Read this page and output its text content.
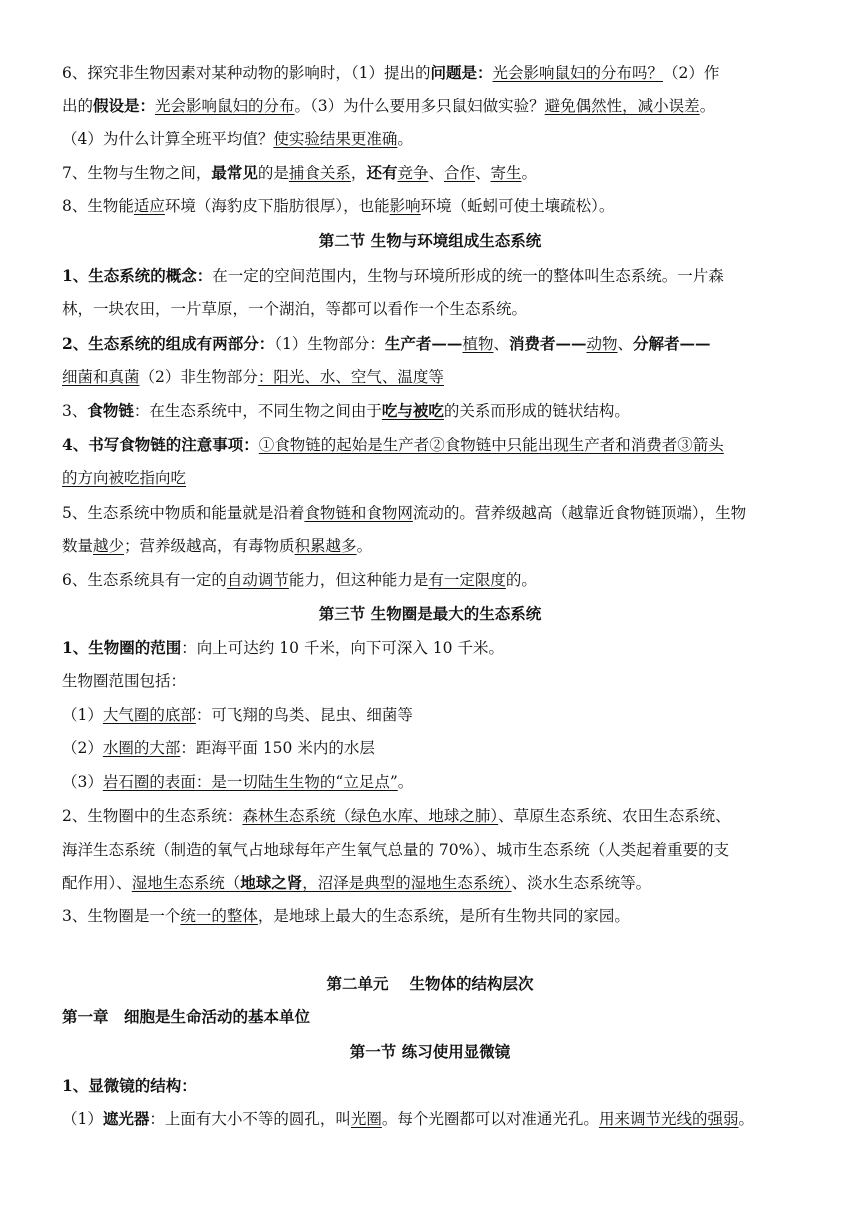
6、探究非生物因素对某种动物的影响时，（1）提出的问题是：光会影响鼠妇的分布吗？（2）作
出的假设是：光会影响鼠妇的分布。（3）为什么要用多只鼠妇做实验？避免偶然性，减小误差。
（4）为什么计算全班平均值？使实验结果更准确。
7、生物与生物之间，最常见的是捕食关系，还有竞争、合作、寄生。
8、生物能适应环境（海豹皮下脂肪很厚），也能影响环境（蚯蚓可使土壤疏松）。
第二节 生物与环境组成生态系统
1、生态系统的概念：在一定的空间范围内，生物与环境所形成的统一的整体叫生态系统。一片森
林，一块农田，一片草原，一个湖泊，等都可以看作一个生态系统。
2、生态系统的组成有两部分：（1）生物部分：生产者——植物、消费者——动物、分解者——
细菌和真菌（2）非生物部分：阳光、水、空气、温度等
3、食物链：在生态系统中，不同生物之间由于吃与被吃的关系而形成的链状结构。
4、书写食物链的注意事项：①食物链的起始是生产者②食物链中只能出现生产者和消费者③箭头
的方向被吃指向吃
5、生态系统中物质和能量就是沿着食物链和食物网流动的。营养级越高（越靠近食物链顶端），生物
数量越少；营养级越高，有毒物质积累越多。
6、生态系统具有一定的自动调节能力，但这种能力是有一定限度的。
第三节 生物圈是最大的生态系统
1、生物圈的范围：向上可达约 10 千米，向下可深入 10 千米。
生物圈范围包括：
（1）大气圈的底部：可飞翔的鸟类、昆虫、细菌等
（2）水圈的大部：距海平面 150 米内的水层
（3）岩石圈的表面：是一切陆生生物的“立足点”。
2、生物圈中的生态系统：森林生态系统（绿色水库、地球之肺）、草原生态系统、农田生态系统、
海洋生态系统（制造的氧气占地球每年产生氧气总量的 70%）、城市生态系统（人类起着重要的支
配作用）、湿地生态系统（地球之肾，沼泽是典型的湿地生态系统）、淡水生态系统等。
3、生物圈是一个统一的整体，是地球上最大的生态系统，是所有生物共同的家园。
第二单元　 生物体的结构层次
第一章　细胞是生命活动的基本单位
第一节 练习使用显微镜
1、显微镜的结构：
（1）遮光器：上面有大小不等的圆孔，叫光圈。每个光圈都可以对准通光孔。用来调节光线的强弱。
